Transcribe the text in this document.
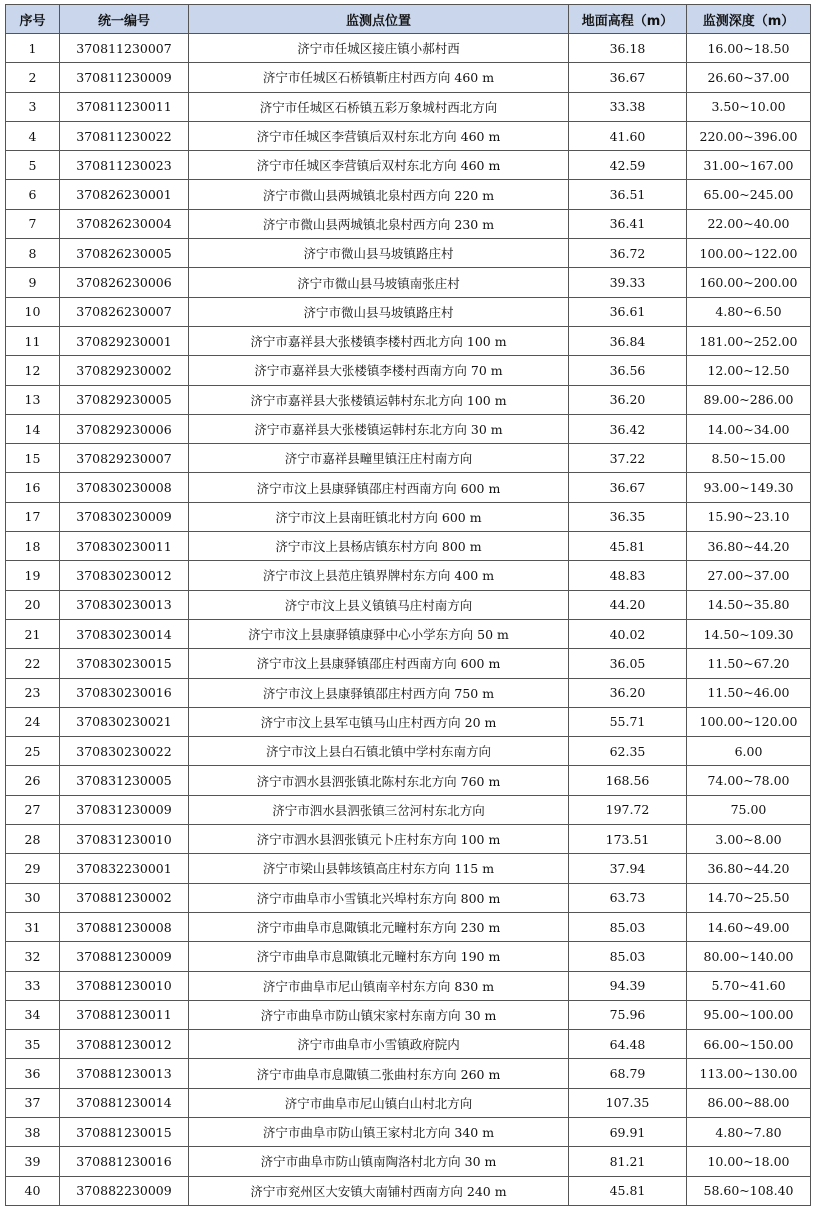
序号	统一编号	监测点位置	地面高程（m）	监测深度（m）
1	370811230007	济宁市任城区接庄镇小郝村西	36.18	16.00~18.50
2	370811230009	济宁市任城区石桥镇靳庄村西方向 460 m	36.67	26.60~37.00
3	370811230011	济宁市任城区石桥镇五彩万象城村西北方向	33.38	3.50~10.00
4	370811230022	济宁市任城区李营镇后双村东北方向 460 m	41.60	220.00~396.00
5	370811230023	济宁市任城区李营镇后双村东北方向 460 m	42.59	31.00~167.00
6	370826230001	济宁市微山县两城镇北泉村西方向 220 m	36.51	65.00~245.00
7	370826230004	济宁市微山县两城镇北泉村西方向 230 m	36.41	22.00~40.00
8	370826230005	济宁市微山县马坡镇路庄村	36.72	100.00~122.00
9	370826230006	济宁市微山县马坡镇南张庄村	39.33	160.00~200.00
10	370826230007	济宁市微山县马坡镇路庄村	36.61	4.80~6.50
11	370829230001	济宁市嘉祥县大张楼镇李楼村西北方向 100 m	36.84	181.00~252.00
12	370829230002	济宁市嘉祥县大张楼镇李楼村西南方向 70 m	36.56	12.00~12.50
13	370829230005	济宁市嘉祥县大张楼镇运韩村东北方向 100 m	36.20	89.00~286.00
14	370829230006	济宁市嘉祥县大张楼镇运韩村东北方向 30 m	36.42	14.00~34.00
15	370829230007	济宁市嘉祥县疃里镇汪庄村南方向	37.22	8.50~15.00
16	370830230008	济宁市汶上县康驿镇邵庄村西南方向 600 m	36.67	93.00~149.30
17	370830230009	济宁市汶上县南旺镇北村方向 600 m	36.35	15.90~23.10
18	370830230011	济宁市汶上县杨店镇东村方向 800 m	45.81	36.80~44.20
19	370830230012	济宁市汶上县范庄镇界牌村东方向 400 m	48.83	27.00~37.00
20	370830230013	济宁市汶上县义镇镇马庄村南方向	44.20	14.50~35.80
21	370830230014	济宁市汶上县康驿镇康驿中心小学东方向 50 m	40.02	14.50~109.30
22	370830230015	济宁市汶上县康驿镇邵庄村西南方向 600 m	36.05	11.50~67.20
23	370830230016	济宁市汶上县康驿镇邵庄村西方向 750 m	36.20	11.50~46.00
24	370830230021	济宁市汶上县军屯镇马山庄村西方向 20 m	55.71	100.00~120.00
25	370830230022	济宁市汶上县白石镇北镇中学村东南方向	62.35	6.00
26	370831230005	济宁市泗水县泗张镇北陈村东北方向 760 m	168.56	74.00~78.00
27	370831230009	济宁市泗水县泗张镇三岔河村东北方向	197.72	75.00
28	370831230010	济宁市泗水县泗张镇元卜庄村东方向 100 m	173.51	3.00~8.00
29	370832230001	济宁市梁山县韩垓镇高庄村东方向 115 m	37.94	36.80~44.20
30	370881230002	济宁市曲阜市小雪镇北兴埠村东方向 800 m	63.73	14.70~25.50
31	370881230008	济宁市曲阜市息陬镇北元疃村东方向 230 m	85.03	14.60~49.00
32	370881230009	济宁市曲阜市息陬镇北元疃村东方向 190 m	85.03	80.00~140.00
33	370881230010	济宁市曲阜市尼山镇南辛村东方向 830 m	94.39	5.70~41.60
34	370881230011	济宁市曲阜市防山镇宋家村东南方向 30 m	75.96	95.00~100.00
35	370881230012	济宁市曲阜市小雪镇政府院内	64.48	66.00~150.00
36	370881230013	济宁市曲阜市息陬镇二张曲村东方向 260 m	68.79	113.00~130.00
37	370881230014	济宁市曲阜市尼山镇白山村北方向	107.35	86.00~88.00
38	370881230015	济宁市曲阜市防山镇王家村北方向 340 m	69.91	4.80~7.80
39	370881230016	济宁市曲阜市防山镇南陶洛村北方向 30 m	81.21	10.00~18.00
40	370882230009	济宁市兖州区大安镇大南铺村西南方向 240 m	45.81	58.60~108.40
